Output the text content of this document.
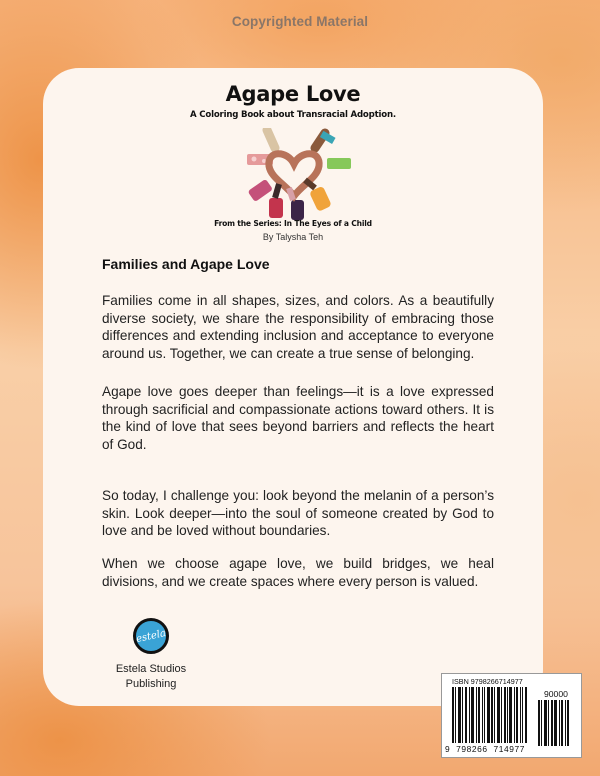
Copyrighted Material
Agape Love
A Coloring Book about Transracial Adoption.
From the Series: In The Eyes of a Child
By Talysha Teh
Families and Agape Love
Families come in all shapes, sizes, and colors. As a beautifully diverse society, we share the responsibility of embracing those differences and extending inclusion and acceptance to everyone around us. Together, we can create a true sense of belonging.
Agape love goes deeper than feelings—it is a love expressed through sacrificial and compassionate actions toward others. It is the kind of love that sees beyond barriers and reflects the heart of God.
So today, I challenge you: look beyond the melanin of a person’s skin. Look deeper—into the soul of someone created by God to love and be loved without boundaries.
When we choose agape love, we build bridges, we heal divisions, and we create spaces where every person is valued.
estela
Estela Studios
Publishing	ISBN 9798266714977
90000
9  798266  714977
